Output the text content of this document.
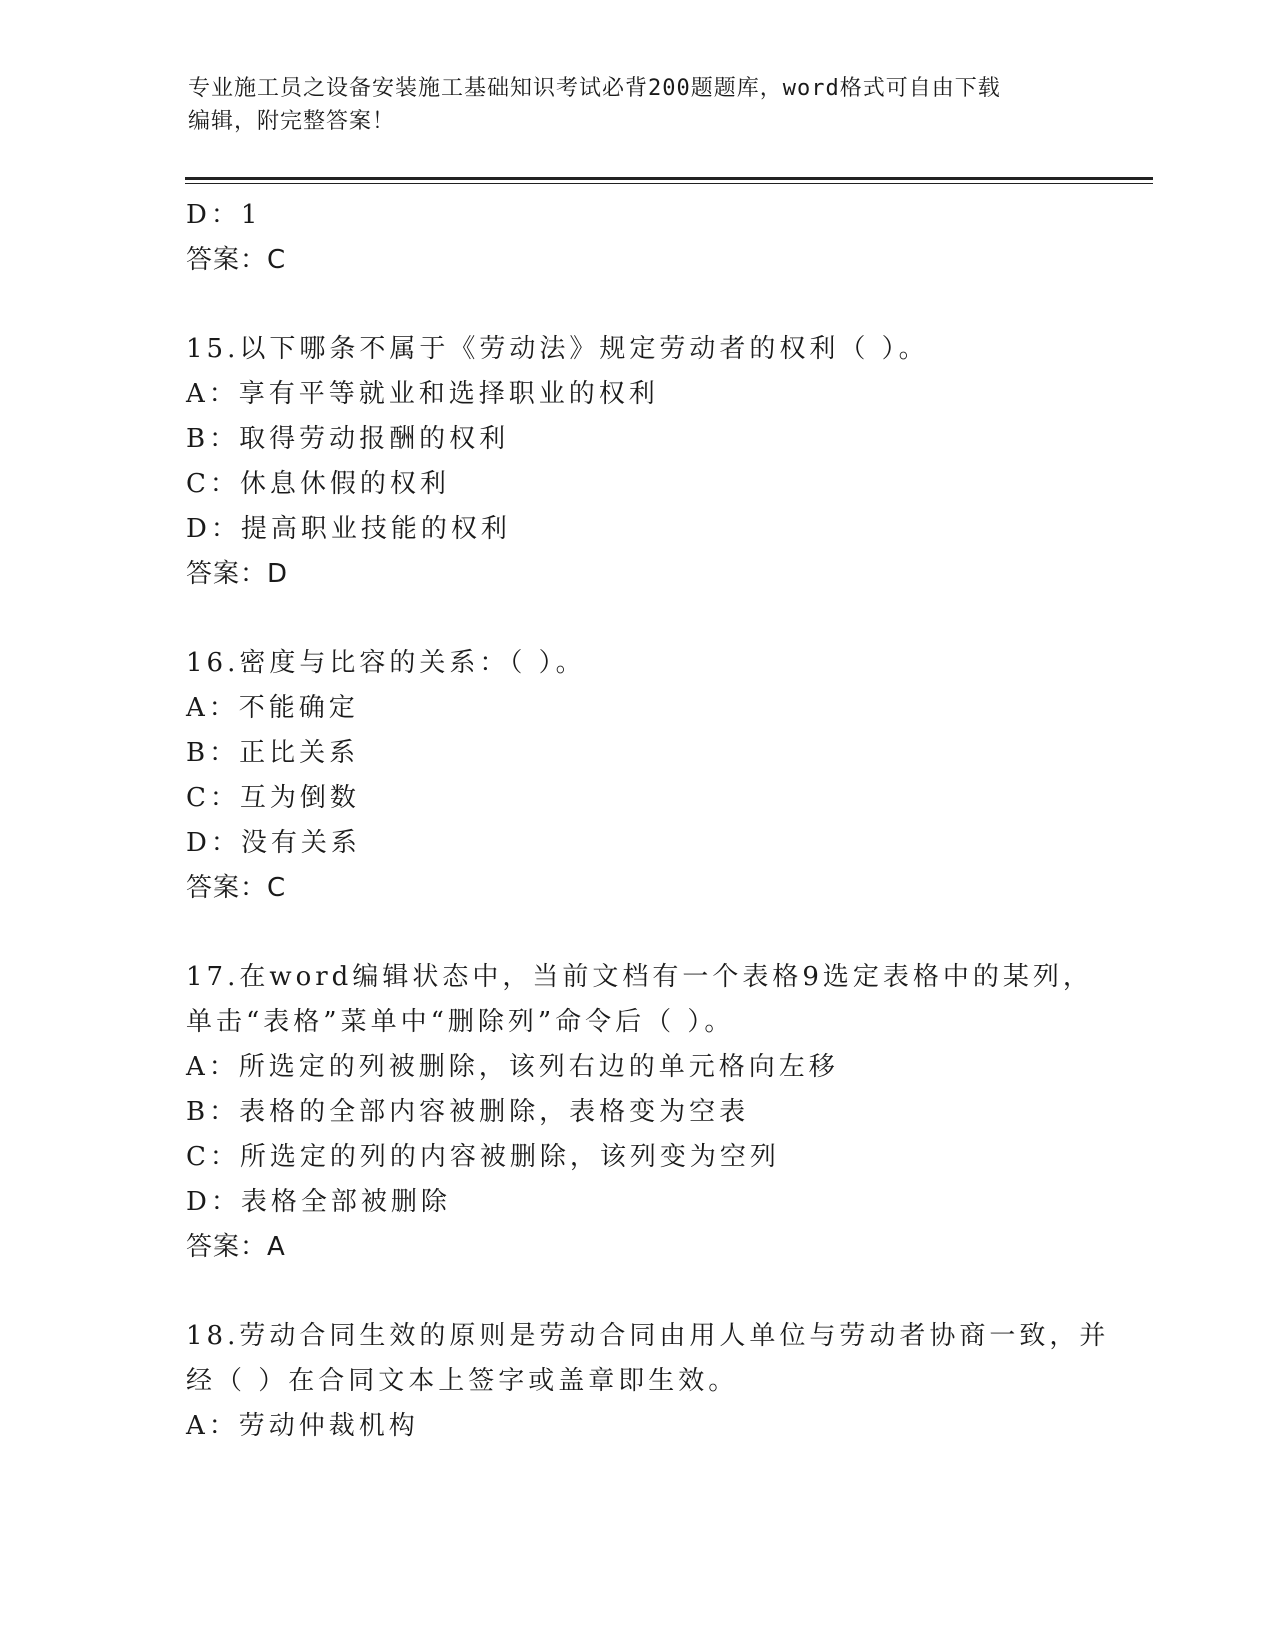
专业施工员之设备安装施工基础知识考试必背200题题库，word格式可自由下载
编辑，附完整答案！
D：1
答案：C
15.以下哪条不属于《劳动法》规定劳动者的权利（ ）。
A：享有平等就业和选择职业的权利
B：取得劳动报酬的权利
C：休息休假的权利
D：提高职业技能的权利
答案：D
16.密度与比容的关系：（ ）。
A：不能确定
B：正比关系
C：互为倒数
D：没有关系
答案：C
17.在word编辑状态中，当前文档有一个表格9选定表格中的某列，
单击“表格”菜单中“删除列”命令后（ ）。
A：所选定的列被删除，该列右边的单元格向左移
B：表格的全部内容被删除，表格变为空表
C：所选定的列的内容被删除，该列变为空列
D：表格全部被删除
答案：A
18.劳动合同生效的原则是劳动合同由用人单位与劳动者协商一致，并
经（ ）在合同文本上签字或盖章即生效。
A：劳动仲裁机构
